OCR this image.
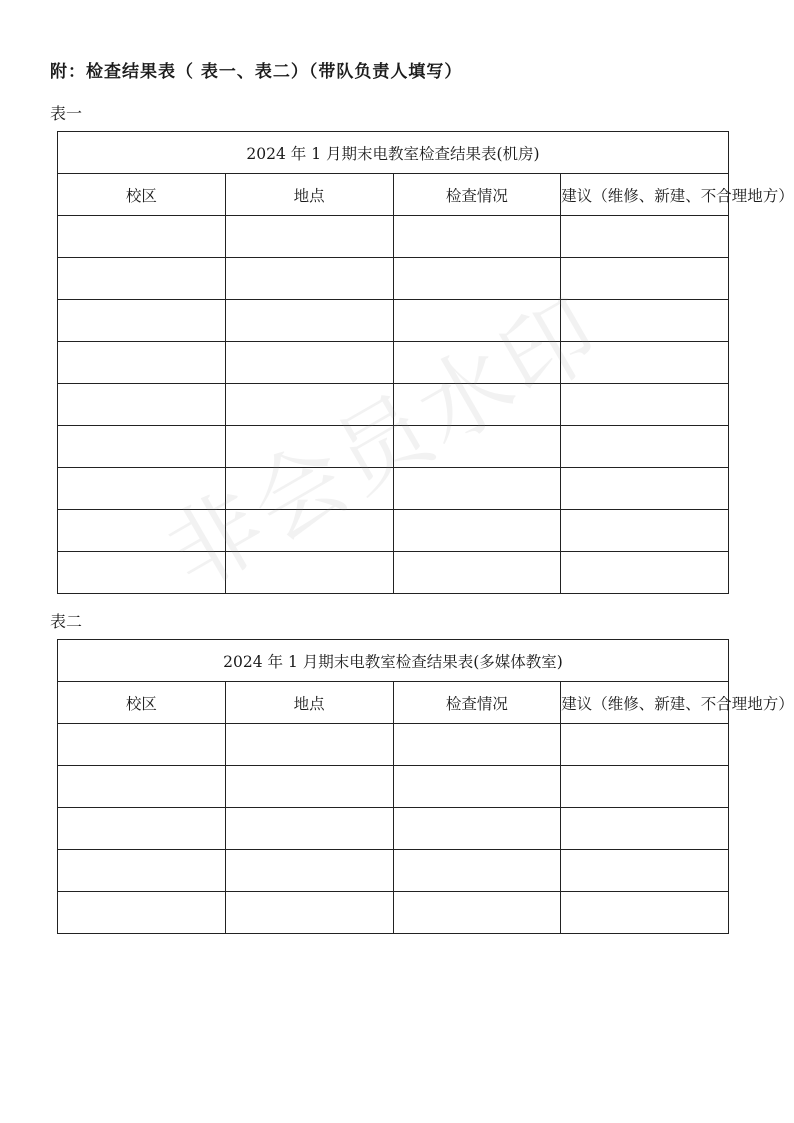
附：检查结果表（ 表一、表二）（带队负责人填写）
表一
2024 年 1 月期末电教室检查结果表(机房)			
校区	地点	检查情况	建议（维修、新建、不合理地方）

表二
2024 年 1 月期末电教室检查结果表(多媒体教室)			
校区	地点	检查情况	建议（维修、新建、不合理地方）

非会员水印
